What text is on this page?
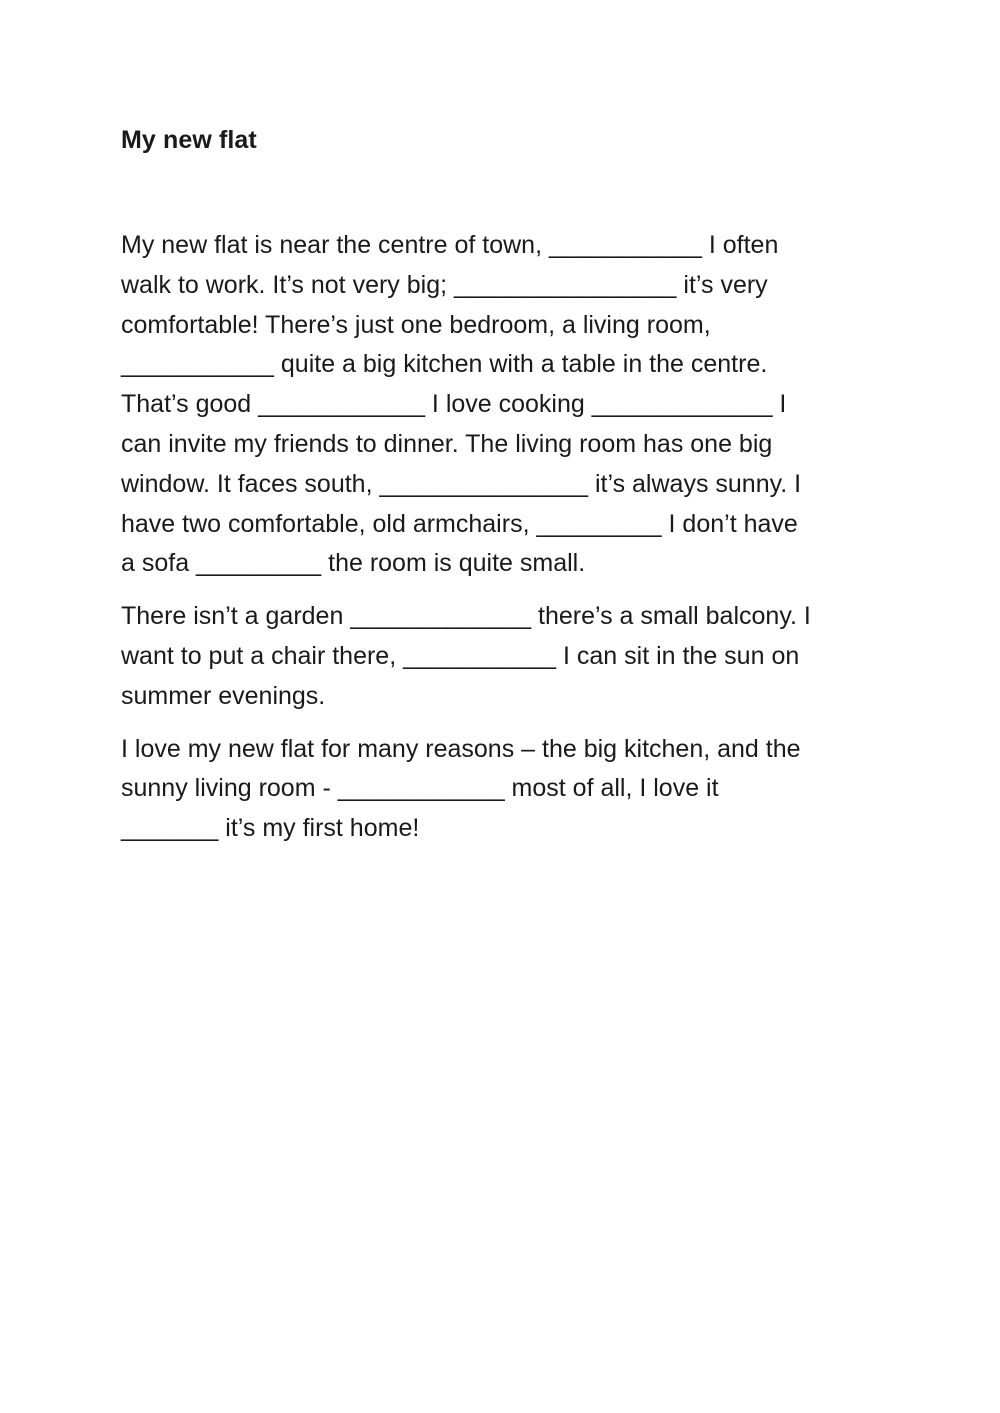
My new flat

My new flat is near the centre of town, ___________ I often
walk to work. It’s not very big; ________________ it’s very
comfortable! There’s just one bedroom, a living room,
___________ quite a big kitchen with a table in the centre.
That’s good ____________ I love cooking _____________ I
can invite my friends to dinner. The living room has one big
window. It faces south, _______________ it’s always sunny. I
have two comfortable, old armchairs, _________ I don’t have
a sofa _________ the room is quite small.

There isn’t a garden _____________ there’s a small balcony. I
want to put a chair there, ___________ I can sit in the sun on
summer evenings.

I love my new flat for many reasons – the big kitchen, and the
sunny living room - ____________ most of all, I love it
_______ it’s my first home!
